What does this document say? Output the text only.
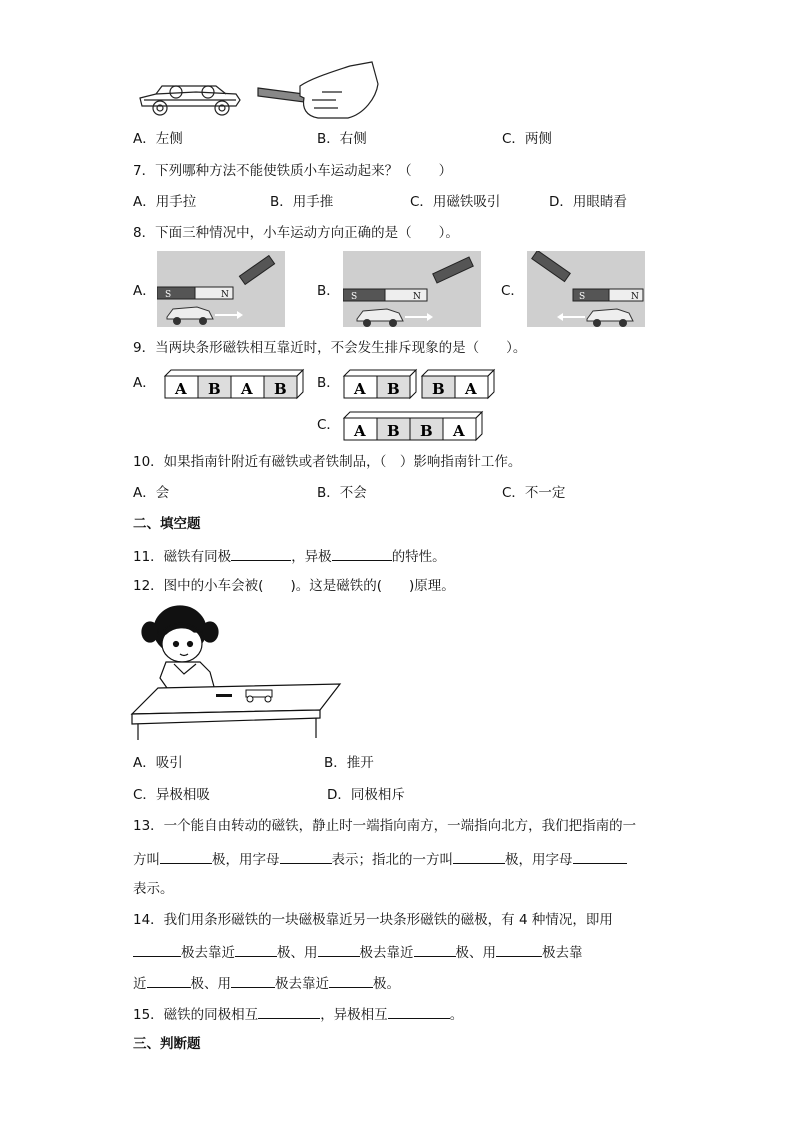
A．左侧	B．右侧	C．两侧
7．下列哪种方法不能使铁质小车运动起来？（　　）
A．用手拉	B．用手推	C．用磁铁吸引	D．用眼睛看
8．下面三种情况中，小车运动方向正确的是（　　）。
A． S	N	B． S	N	C．	S	N
9．当两块条形磁铁相互靠近时，不会发生排斥现象的是（　　）。
A． A B A B B． A B B A
C． A B B A
10．如果指南针附近有磁铁或者铁制品，（　）影响指南针工作。
A．会	B．不会	C．不一定
二、填空题
11．磁铁有同极	，异极	的特性。
12．图中的小车会被(　　)。这是磁铁的(　　)原理。
A．吸引	B．推开
C．异极相吸	D．同极相斥
13．一个能自由转动的磁铁，静止时一端指向南方，一端指向北方，我们把指南的一
方叫	极，用字母	表示；指北的一方叫	极，用字母
表示。
14．我们用条形磁铁的一块磁极靠近另一块条形磁铁的磁极，有 4 种情况，即用
极去靠近	极、用	极去靠近	极、用	极去靠
近	极、用	极去靠近	极。
15．磁铁的同极相互	，异极相互	。
三、判断题
